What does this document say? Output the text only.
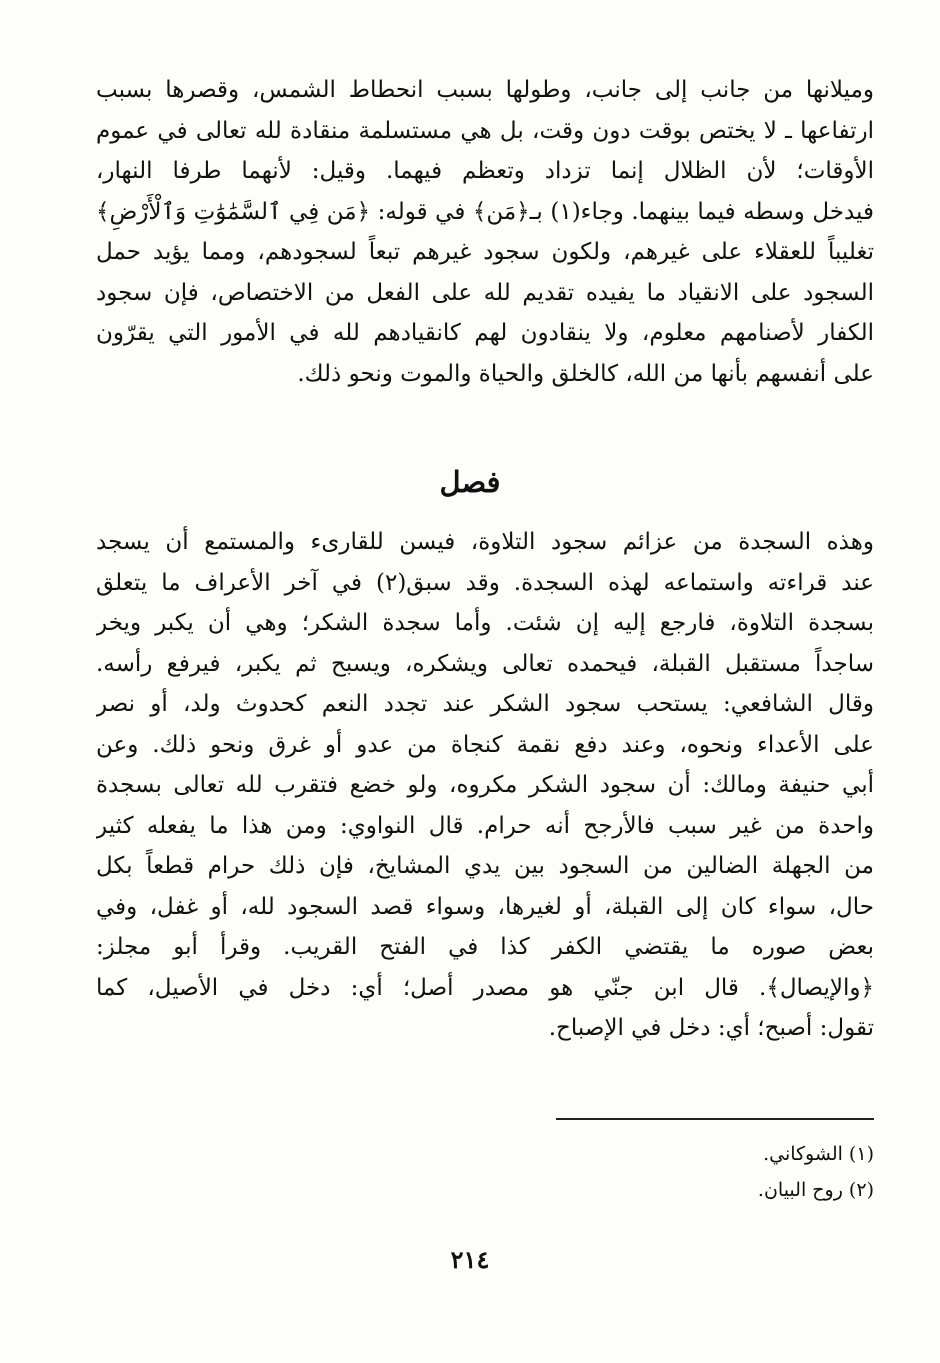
وميلانها من جانب إلى جانب، وطولها بسبب انحطاط الشمس، وقصرها بسبب
ارتفاعها ـ لا يختص بوقت دون وقت، بل هي مستسلمة منقادة لله تعالى في عموم
الأوقات؛ لأن الظلال إنما تزداد وتعظم فيهما. وقيل: لأنهما طرفا النهار،
فيدخل وسطه فيما بينهما. وجاء(١) بـ﴿مَن﴾ في قوله: ﴿مَن فِي ٱلسَّمَٰوَٰتِ وَٱلْأَرْضِ﴾
تغليباً للعقلاء على غيرهم، ولكون سجود غيرهم تبعاً لسجودهم، ومما يؤيد حمل
السجود على الانقياد ما يفيده تقديم لله على الفعل من الاختصاص، فإن سجود
الكفار لأصنامهم معلوم، ولا ينقادون لهم كانقيادهم لله في الأمور التي يقرّون
على أنفسهم بأنها من الله، كالخلق والحياة والموت ونحو ذلك.
فصل
وهذه السجدة من عزائم سجود التلاوة، فيسن للقارىء والمستمع أن يسجد
عند قراءته واستماعه لهذه السجدة. وقد سبق(٢) في آخر الأعراف ما يتعلق
بسجدة التلاوة، فارجع إليه إن شئت. وأما سجدة الشكر؛ وهي أن يكبر ويخر
ساجداً مستقبل القبلة، فيحمده تعالى ويشكره، ويسبح ثم يكبر، فيرفع رأسه.
وقال الشافعي: يستحب سجود الشكر عند تجدد النعم كحدوث ولد، أو نصر
على الأعداء ونحوه، وعند دفع نقمة كنجاة من عدو أو غرق ونحو ذلك. وعن
أبي حنيفة ومالك: أن سجود الشكر مكروه، ولو خضع فتقرب لله تعالى بسجدة
واحدة من غير سبب فالأرجح أنه حرام. قال النواوي: ومن هذا ما يفعله كثير
من الجهلة الضالين من السجود بين يدي المشايخ، فإن ذلك حرام قطعاً بكل
حال، سواء كان إلى القبلة، أو لغيرها، وسواء قصد السجود لله، أو غفل، وفي
بعض صوره ما يقتضي الكفر كذا في الفتح القريب. وقرأ أبو مجلز:
﴿والإيصال﴾. قال ابن جنّي هو مصدر أصل؛ أي: دخل في الأصيل، كما
تقول: أصبح؛ أي: دخل في الإصباح.
(١) الشوكاني.
(٢) روح البيان.
٢١٤
